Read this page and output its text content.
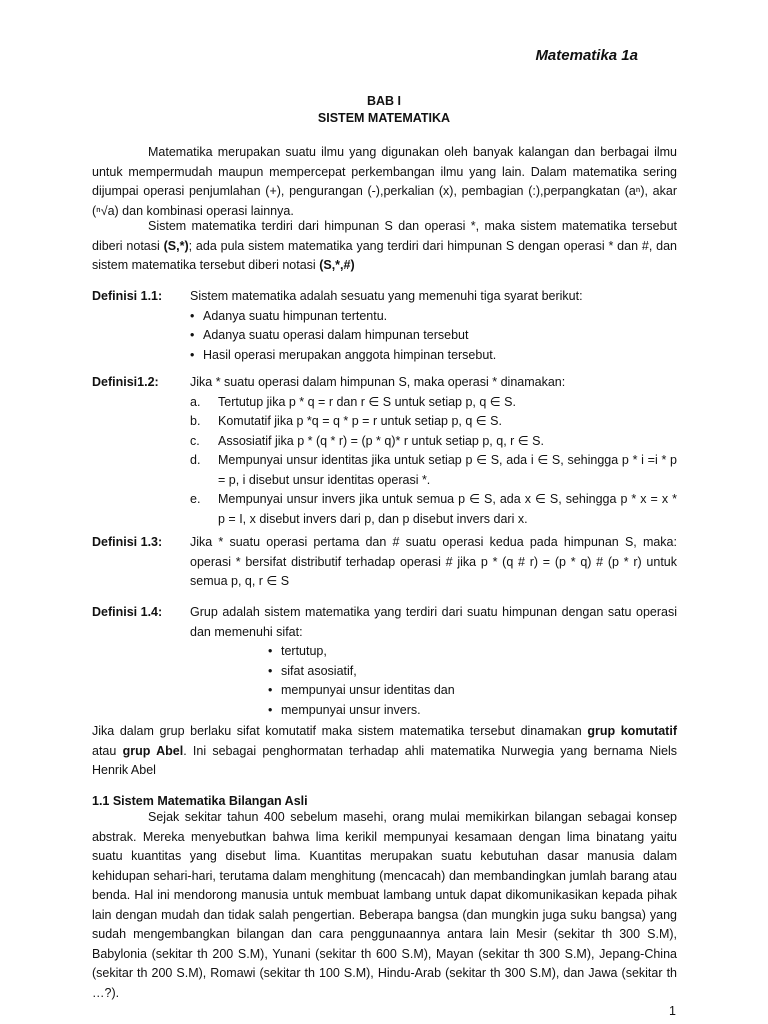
Matematika 1a
BAB I
SISTEM MATEMATIKA
Matematika merupakan suatu ilmu yang digunakan oleh banyak kalangan dan berbagai ilmu untuk mempermudah maupun mempercepat perkembangan ilmu yang lain. Dalam matematika sering dijumpai operasi penjumlahan (+), pengurangan (-),perkalian (x), pembagian (:),perpangkatan (aⁿ), akar (ⁿ√a) dan kombinasi operasi lainnya.
Sistem matematika terdiri dari himpunan S dan operasi *, maka sistem matematika tersebut diberi notasi (S,*); ada pula sistem matematika yang terdiri dari himpunan S dengan operasi * dan #, dan sistem matematika tersebut diberi notasi (S,*,#)
Definisi 1.1: Sistem matematika adalah sesuatu yang memenuhi tiga syarat berikut:
• Adanya suatu himpunan tertentu.
• Adanya suatu operasi dalam himpunan tersebut
• Hasil operasi merupakan anggota himpinan tersebut.
Definisi1.2:	Jika * suatu operasi dalam himpunan S, maka operasi * dinamakan:
a.	Tertutup jika p * q = r dan r ∈ S untuk setiap p, q ∈ S.
b.	Komutatif jika p *q = q * p = r untuk setiap p, q ∈ S.
c.	Assosiatif jika p * (q * r) = (p * q)* r untuk setiap p, q, r ∈ S.
d.	Mempunyai unsur identitas jika untuk setiap p ∈ S, ada i ∈ S, sehingga p * i =i * p = p, i disebut unsur identitas operasi *.
e.	Mempunyai unsur invers jika untuk semua p ∈ S, ada x ∈ S, sehingga p * x = x * p = I, x disebut invers dari p, dan p disebut invers dari x.
Definisi 1.3: Jika * suatu operasi pertama dan # suatu operasi kedua pada himpunan S, maka: operasi * bersifat distributif terhadap operasi # jika p * (q # r) = (p * q) # (p * r) untuk semua p, q, r ∈ S
Definisi 1.4: Grup adalah sistem matematika yang terdiri dari suatu himpunan dengan satu operasi dan memenuhi sifat:
• tertutup,
• sifat asosiatif,
• mempunyai unsur identitas dan
• mempunyai unsur invers.
Jika dalam grup berlaku sifat komutatif maka sistem matematika tersebut dinamakan grup komutatif atau grup Abel. Ini sebagai penghormatan terhadap ahli matematika Nurwegia yang bernama Niels Henrik Abel
1.1 Sistem Matematika Bilangan Asli
Sejak sekitar tahun 400 sebelum masehi, orang mulai memikirkan bilangan sebagai konsep abstrak. Mereka menyebutkan bahwa lima kerikil mempunyai kesamaan dengan lima binatang yaitu suatu kuantitas yang disebut lima. Kuantitas merupakan suatu kebutuhan dasar manusia dalam kehidupan sehari-hari, terutama dalam menghitung (mencacah) dan membandingkan jumlah barang atau benda. Hal ini mendorong manusia untuk membuat lambang untuk dapat dikomunikasikan kepada pihak lain dengan mudah dan tidak salah pengertian. Beberapa bangsa (dan mungkin juga suku bangsa) yang sudah mengembangkan bilangan dan cara penggunaannya antara lain Mesir (sekitar th 300 S.M), Babylonia (sekitar th 200 S.M), Yunani (sekitar th 600 S.M), Mayan (sekitar th 300 S.M), Jepang-China (sekitar th 200 S.M), Romawi (sekitar th 100 S.M), Hindu-Arab (sekitar th 300 S.M), dan Jawa (sekitar th …?).
1
